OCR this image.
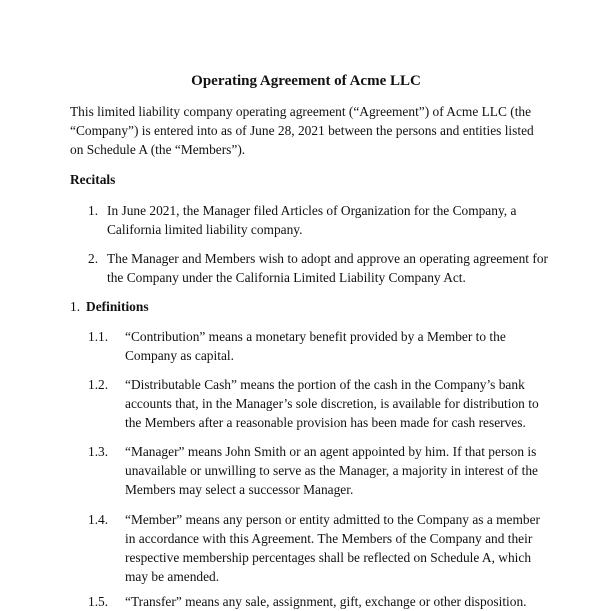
Operating Agreement of Acme LLC
This limited liability company operating agreement (“Agreement”) of Acme LLC (the “Company”) is entered into as of June 28, 2021 between the persons and entities listed on Schedule A (the “Members”).
Recitals
1. In June 2021, the Manager filed Articles of Organization for the Company, a California limited liability company.
2. The Manager and Members wish to adopt and approve an operating agreement for the Company under the California Limited Liability Company Act.
1. Definitions
1.1. “Contribution” means a monetary benefit provided by a Member to the Company as capital.
1.2. “Distributable Cash” means the portion of the cash in the Company’s bank accounts that, in the Manager’s sole discretion, is available for distribution to the Members after a reasonable provision has been made for cash reserves.
1.3. “Manager” means John Smith or an agent appointed by him. If that person is unavailable or unwilling to serve as the Manager, a majority in interest of the Members may select a successor Manager.
1.4. “Member” means any person or entity admitted to the Company as a member in accordance with this Agreement. The Members of the Company and their respective membership percentages shall be reflected on Schedule A, which may be amended.
1.5. “Transfer” means any sale, assignment, gift, exchange or other disposition.
